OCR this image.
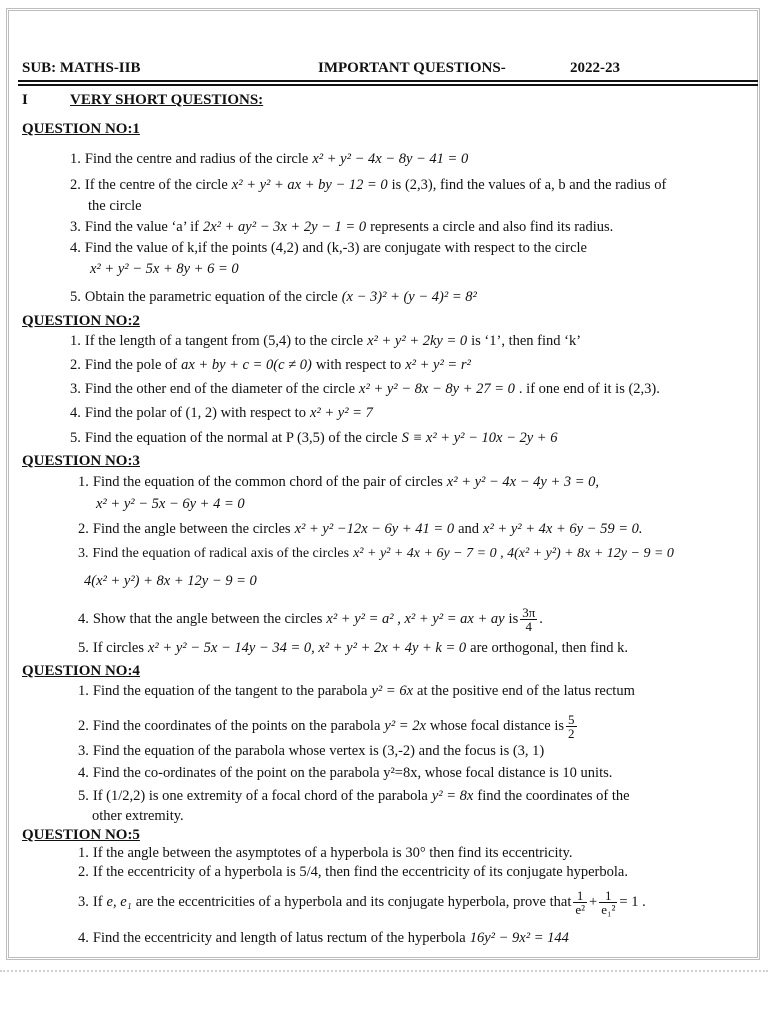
SUB: MATHS-IIB	IMPORTANT QUESTIONS-	2022-23
I	VERY SHORT QUESTIONS:
QUESTION NO:1
1. Find the centre and radius of the circle x² + y² − 4x − 8y − 41 = 0
2. If the centre of the circle x² + y² + ax + by − 12 = 0 is (2,3), find the values of a, b and the radius of
the circle
3. Find the value ‘a’ if 2x² + ay² − 3x + 2y − 1 = 0 represents a circle and also find its radius.
4. Find the value of k,if the points (4,2) and (k,-3) are conjugate with respect to the circle
x² + y² − 5x + 8y + 6 = 0
5. Obtain the parametric equation of the circle (x − 3)² + (y − 4)² = 8²
QUESTION NO:2
1. If the length of a tangent from (5,4) to the circle x² + y² + 2ky = 0 is ‘1’, then find ‘k’
2. Find the pole of ax + by + c = 0(c ≠ 0) with respect to x² + y² = r²
3. Find the other end of the diameter of the circle x² + y² − 8x − 8y + 27 = 0 . if one end of it is (2,3).
4. Find the polar of (1, 2) with respect to x² + y² = 7
5. Find the equation of the normal at P (3,5) of the circle S ≡ x² + y² − 10x − 2y + 6
QUESTION NO:3
1. Find the equation of the common chord of the pair of circles x² + y² − 4x − 4y + 3 = 0,
x² + y² − 5x − 6y + 4 = 0
2. Find the angle between the circles x² + y² −12x − 6y + 41 = 0 and x² + y² + 4x + 6y − 59 = 0.
3. Find the equation of radical axis of the circles x² + y² + 4x + 6y − 7 = 0 , 4(x² + y²) + 8x + 12y − 9 = 0
4(x² + y²) + 8x + 12y − 9 = 0
4. Show that the angle between the circles x² + y² = a² , x² + y² = ax + ay is $\frac{3\pi}{4}$ .
5. If circles x² + y² − 5x − 14y − 34 = 0, x² + y² + 2x + 4y + k = 0 are orthogonal, then find k.
QUESTION NO:4
1. Find the equation of the tangent to the parabola y² = 6x at the positive end of the latus rectum
2. Find the coordinates of the points on the parabola y² = 2x whose focal distance is $\frac{5}{2}$
3. Find the equation of the parabola whose vertex is (3,-2) and the focus is (3, 1)
4. Find the co-ordinates of the point on the parabola y²=8x, whose focal distance is 10 units.
5. If (1/2,2) is one extremity of a focal chord of the parabola y² = 8x find the coordinates of the
other extremity.
QUESTION NO:5
1. If the angle between the asymptotes of a hyperbola is 30° then find its eccentricity.
2. If the eccentricity of a hyperbola is 5/4, then find the eccentricity of its conjugate hyperbola.
3. If e, e₁ are the eccentricities of a hyperbola and its conjugate hyperbola, prove that $\frac{1}{\text{e²}} + \frac{1}{\text{e₁²}} = 1$ .
4. Find the eccentricity and length of latus rectum of the hyperbola 16y² − 9x² = 144
